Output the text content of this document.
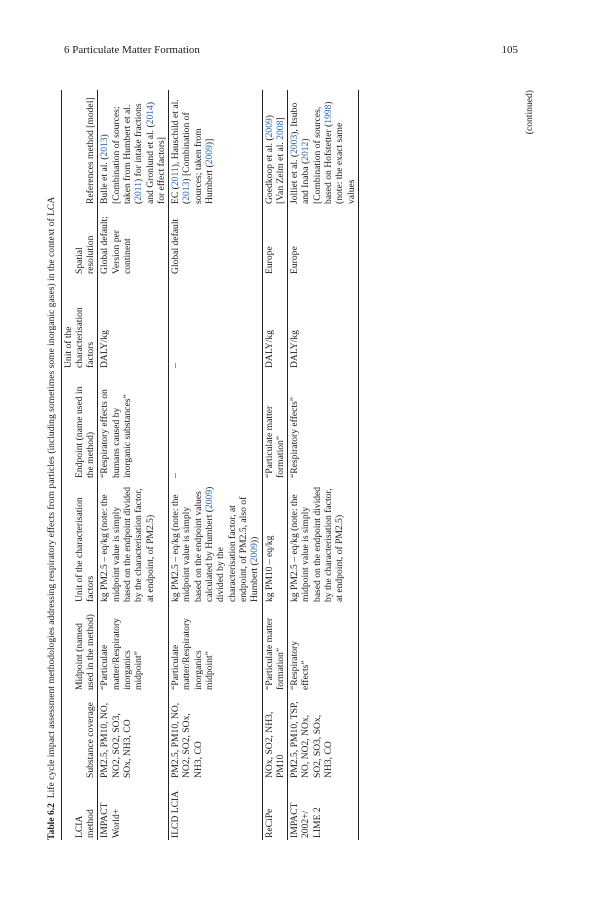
6 Particulate Matter Formation	105

Table 6.2  Life cycle impact assessment methodologies addressing respiratory effects from particles (including sometimes some inorganic gases) in the context of LCA

LCIA method	Substance coverage	Midpoint (named used in the method)	Unit of the characterisation factors	Endpoint (name used in the method)	Unit of the characterisation factors	Spatial resolution	References method [model]
IMPACT World+	PM2.5, PM10, NO, NO2, SO2, SO3, SOx, NH3, CO	“Particulate matter/Respiratory inorganics midpoint”	kg PM2.5 – eq/kg (note: the midpoint value is simply based on the endpoint divided by the characterisation factor, at endpoint, of PM2.5)	“Respiratory effects on humans caused by inorganic substances”	DALY/kg	Global default; Version per continent	Bulle et al. (2013) [Combination of sources; taken from Humbert et al. (2011) for intake fractions and Gronlund et al. (2014) for effect factors]
ILCD LCIA	PM2.5, PM10, NO, NO2, SO2, SOx, NH3, CO	“Particulate matter/Respiratory inorganics midpoint”	kg PM2.5 – eq/kg (note: the midpoint value is simply based on the endpoint values calculated by Humbert (2009) divided by the characterisation factor, at endpoint, of PM2.5, also of Humbert (2009))	–	–	Global default	EC (2011), Hauschild et al. (2013) [Combination of sources; taken from Humbert (2009)]
ReCiPe	NOx, SO2, NH3, PM10	“Particulate matter formation”	kg PM10 – eq/kg	“Particulate matter formation”	DALY/kg	Europe	Goedkoop et al. (2009) [Van Zelm et al. 2008]
IMPACT 2002+/ LIME 2	PM2.5, PM10, TSP, NO, NO2, NOx, SO2, SO3, SOx, NH3, CO	“Respiratory effects”	kg PM2.5 – eq/kg (note: the midpoint value is simply based on the endpoint divided by the characterisation factor, at endpoint, of PM2.5)	“Respiratory effects”	DALY/kg	Europe	Jolliet et al. (2003), Itsubo and Inaba (2012) [Combination of sources, based on Hofstetter (1998) (note: the exact same values
(continued)
